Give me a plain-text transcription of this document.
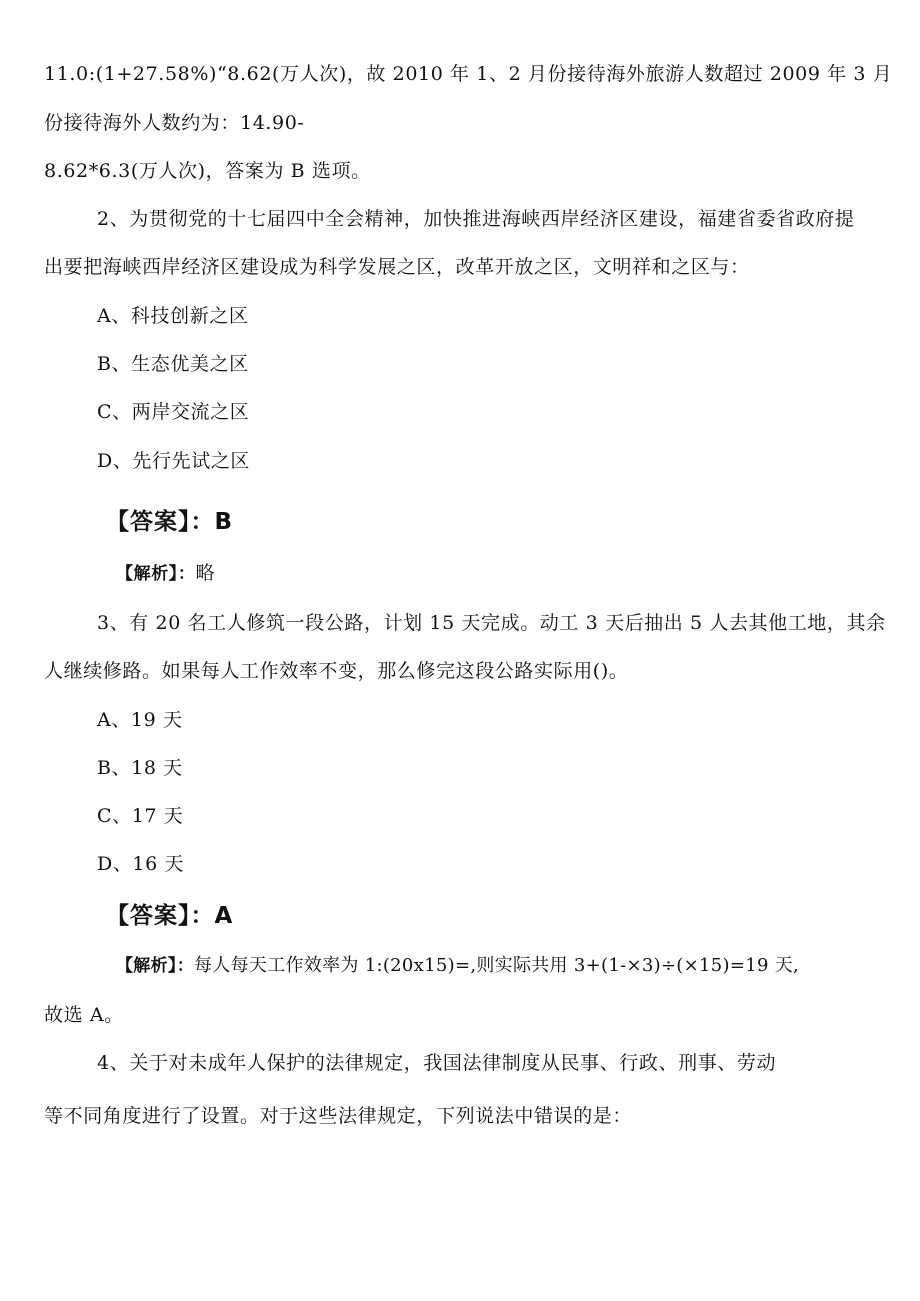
11.0:(1+27.58%)“8.62(万人次)，故 2010 年 1、2 月份接待海外旅游人数超过 2009 年 3 月
份接待海外人数约为：14.90-
8.62*6.3(万人次)，答案为 B 选项。
2、为贯彻党的十七届四中全会精神，加快推进海峡西岸经济区建设，福建省委省政府提
出要把海峡西岸经济区建设成为科学发展之区，改革开放之区，文明祥和之区与：
A、科技创新之区
B、生态优美之区
C、两岸交流之区
D、先行先试之区
【答案】：B
【解析】：略
3、有 20 名工人修筑一段公路，计划 15 天完成。动工 3 天后抽出 5 人去其他工地，其余
人继续修路。如果每人工作效率不变，那么修完这段公路实际用()。
A、19 天
B、18 天
C、17 天
D、16 天
【答案】：A
【解析】：每人每天工作效率为 1:(20x15)=,则实际共用 3+(1-×3)÷(×15)=19 天,
故选 A。
4、关于对未成年人保护的法律规定，我国法律制度从民事、行政、刑事、劳动
等不同角度进行了设置。对于这些法律规定，下列说法中错误的是：
